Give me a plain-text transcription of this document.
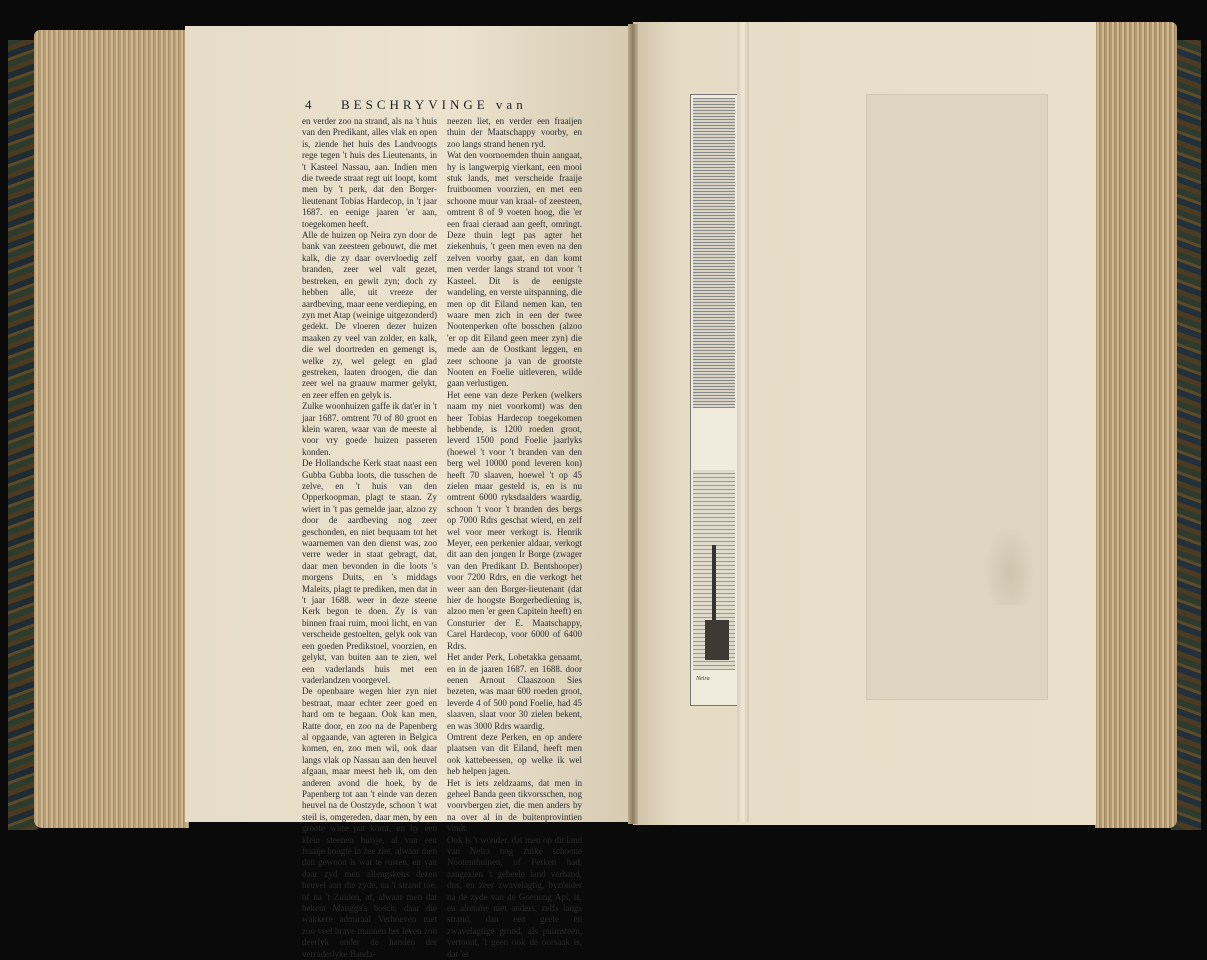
4 BESCHRYVINGE van
en verder zoo na strand, als na 't huis van den Predikant, alles vlak en open is, ziende het huis des Landvoogts rege tegen 't huis des Lieutenants, in 't Kasteel Nassau, aan. Indien men die tweede straat regt uit loopt, komt men by 't perk, dat den Borger-lieutenant Tobias Hardecop, in 't jaar 1687. en eenige jaaren 'er aan, toegekomen heeft.
Alle de huizen op Neira zyn door de bank van zeesteen gebouwt, die met kalk, die zy daar overvloedig zelf branden, zeer wel valt gezet, bestreken, en gewit zyn; doch zy hebben alle, uit vreeze der aardbeving, maar eene verdieping, en zyn met Atap (weinige uitgezonderd) gedekt. De vloeren dezer huizen maaken zy veel van zolder, en kalk, die wel doortreden en gemengt is, welke zy, wel gelegt en glad gestreken, laaten droogen, die dan zeer wel na graauw marmer gelykt, en zeer effen en gelyk is.
Zulke woonhuizen gaffe ik dat'er in 't jaar 1687. omtrent 70 of 80 groot en klein waren, waar van de meeste al voor vry goede huizen passeren konden.
De Hollandsche Kerk staat naast een Gubba Gubba loots, die tusschen de zelve, en 't huis van den Opperkoopman, plagt te staan. Zy wiert in 't pas gemelde jaar, alzoo zy door de aardbeving nog zeer geschonden, en niet bequaam tot het waarnemen van den dienst was, zoo verre weder in staat gebragt, dat, daar men bevonden in die loots 's morgens Duits, en 's middags Maleits, plagt te prediken, men dat in 't jaar 1688. weer in deze steene Kerk begon te doen. Zy is van binnen fraai ruim, mooi licht, en van verscheide gestoelten, gelyk ook van een goeden Predikstoel, voorzien, en gelykt, van buiten aan te zien, wel een vaderlands huis met een vaderlandzen voorgevel.
De openbaare wegen hier zyn niet bestraat, maar echter zeer goed en hard om te begaan. Ook kan men, Ratte door, en zoo na de Papenberg al opgaande, van agteren in Belgica komen, en, zoo men wil, ook daar langs vlak op Nassau aan den heuvel afgaan, maar meest heb ik, om den anderen avond die hoek, by de Papenberg tot aan 't einde van dezen heuvel na de Oostzyde, schoon 't wat steil is, omgereden, daar men, by een groote witte put komt, en by een klein steenen huisje, al van een fraaije hoogte in zee ziet, alwaar men dan gewoon is wat te rusten, en van daar zyd men allengskens dezen heuvel aan die zyde, na 't strand toe, of na 't Zuiden, af, alwaar men dat bekent Mangga's bosch, daar die wakkere admiraal Verhoeven met zoo veel brave mannen het leven zoo deerlyk onder de handen der verraderlyke Banda-
neezen liet, en verder een fraaijen thuin der Maatschappy voorby, en zoo langs strand henen ryd.
Wat den voornoemden thuin aangaat, hy is langwerpig vierkant, een mooi stuk lands, met verscheide fraaije fruitboomen voorzien, en met een schoone muur van kraal- of zeesteen, omtrent 8 of 9 voeten hoog, die 'er een fraai cieraad aan geeft, omringt. Deze thuin legt pas agter het ziekenhuis, 't geen men even na den zelven voorby gaat, en dan komt men verder langs strand tot voor 't Kasteel. Dit is de eenigste wandeling, en verste uitspanning, die men op dit Eiland nemen kan, ten waare men zich in een der twee Nootenperken ofte bosschen (alzoo 'er op dit Eiland geen meer zyn) die mede aan de Oostkant leggen, en zeer schoone ja van de grootste Nooten en Foelie uitleveren, wilde gaan verlustigen.
Het eene van deze Perken (welkers naam my niet voorkomt) was den heer Tobias Hardecop toegekomen hebbende, is 1200 roeden groot, leverd 1500 pond Foelie jaarlyks (hoewel 't voor 't branden van den berg wel 10000 pond leveren kon) heeft 70 slaaven, hoewel 't op 45 zielen maar gesteld is, en is nu omtrent 6000 ryksdaalders waardig, schoon 't voor 't branden des bergs op 7000 Rdrs geschat wierd, en zelf wel voor meer verkogt is. Henrik Meyer, een perkenier aldaar, verkogt dit aan den jongen Ir Borge (zwager van den Predikant D. Bentshooper) voor 7200 Rdrs, en die verkogt het weer aan den Borger-lieutenant (dat hier de hoogste Borgerbediening is, alzoo men 'er geen Capitein heeft) en Consturier der E. Maatschappy, Carel Hardecop, voor 6000 of 6400 Rdrs.
Het ander Perk, Lobetakka genaamt, en in de jaaren 1687. en 1688. door eenen Arnout Claaszoon Sies bezeten, was maar 600 roeden groot, leverde 4 of 500 pond Foelie, had 45 slaaven, slaat voor 30 zielen bekent, en was 3000 Rdrs waardig.
Omtrent deze Perken, en op andere plaatsen van dit Eiland, heeft men ook kattebeessen, op welke ik wel heb helpen jagen.
Het is iets zeldzaams, dat men in geheel Banda geen tikvorsschen, nog voorvbergen ziet, die men anders by na over al in de buitenprovintien vindt.
Ook is 't wonder, dat men op dit land van Neira nog zulke schoone Nootenthuinen, of Perken had, aangezien 't geheele land verband, dus, en zeer zwavelagtig, byzonder na de zyde van de Goenong Api, is, en alomme niet anders, zelfs langs strand, dan een geele en zwavelagtige grond, als puimsteen, vertoont, 't geen ook de oorsaak is, dat 'er
Neira
